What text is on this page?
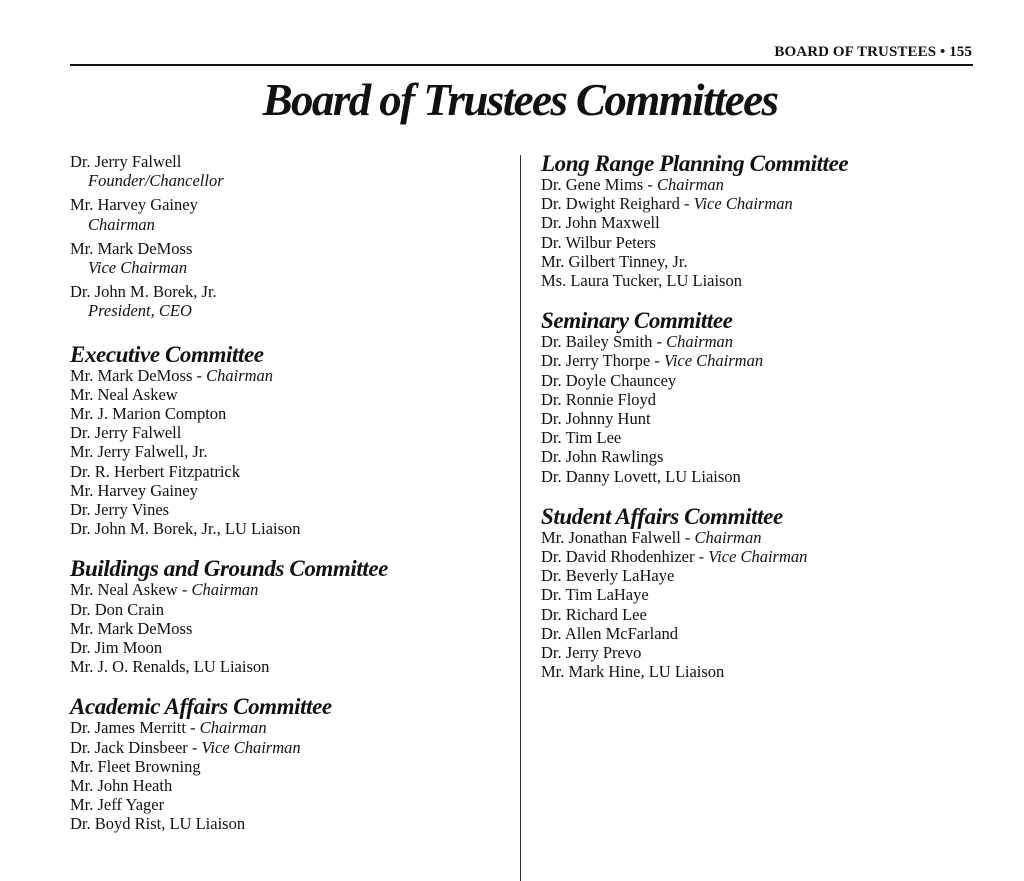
BOARD OF TRUSTEES • 155
Board of Trustees Committees
Dr. Jerry Falwell
Founder/Chancellor
Mr. Harvey Gainey
Chairman
Mr. Mark DeMoss
Vice Chairman
Dr. John M. Borek, Jr.
President, CEO
Executive Committee
Mr. Mark DeMoss - Chairman
Mr. Neal Askew
Mr. J. Marion Compton
Dr. Jerry Falwell
Mr. Jerry Falwell, Jr.
Dr. R. Herbert Fitzpatrick
Mr. Harvey Gainey
Dr. Jerry Vines
Dr. John M. Borek, Jr., LU Liaison
Buildings and Grounds Committee
Mr. Neal Askew - Chairman
Dr. Don Crain
Mr. Mark DeMoss
Dr. Jim Moon
Mr. J. O. Renalds, LU Liaison
Academic Affairs Committee
Dr. James Merritt - Chairman
Dr. Jack Dinsbeer - Vice Chairman
Mr. Fleet Browning
Mr. John Heath
Mr. Jeff Yager
Dr. Boyd Rist, LU Liaison
Long Range Planning Committee
Dr. Gene Mims - Chairman
Dr. Dwight Reighard - Vice Chairman
Dr. John Maxwell
Dr. Wilbur Peters
Mr. Gilbert Tinney, Jr.
Ms. Laura Tucker, LU Liaison
Seminary Committee
Dr. Bailey Smith - Chairman
Dr. Jerry Thorpe - Vice Chairman
Dr. Doyle Chauncey
Dr. Ronnie Floyd
Dr. Johnny Hunt
Dr. Tim Lee
Dr. John Rawlings
Dr. Danny Lovett, LU Liaison
Student Affairs Committee
Mr. Jonathan Falwell - Chairman
Dr. David Rhodenhizer - Vice Chairman
Dr. Beverly LaHaye
Dr. Tim LaHaye
Dr. Richard Lee
Dr. Allen McFarland
Dr. Jerry Prevo
Mr. Mark Hine, LU Liaison
